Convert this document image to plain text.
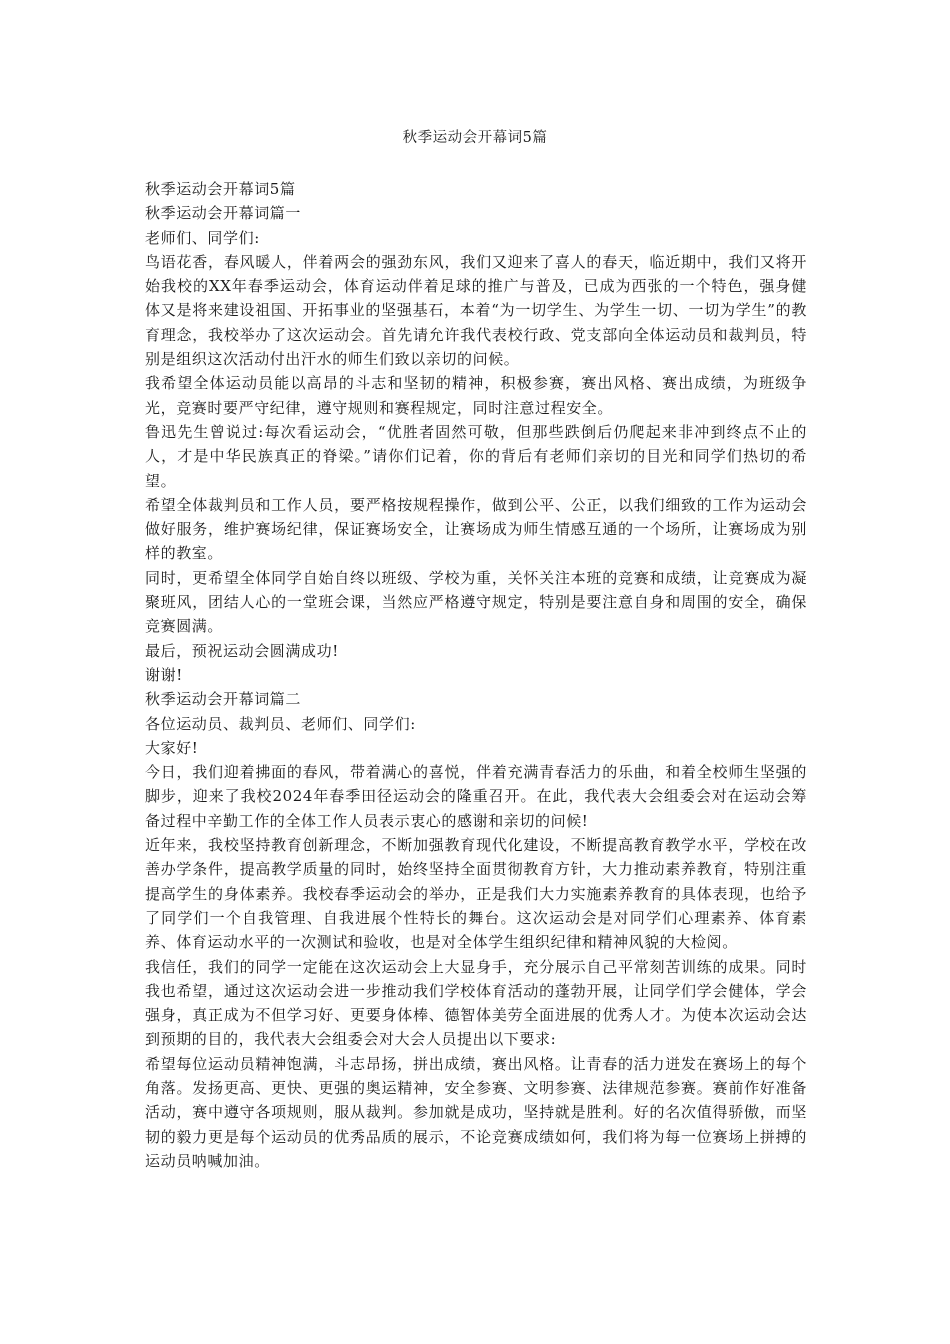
秋季运动会开幕词5篇

秋季运动会开幕词5篇

秋季运动会开幕词篇一

老师们、同学们:

鸟语花香，春风暖人，伴着两会的强劲东风，我们又迎来了喜人的春天，临近期中，我们又将开始我校的XX年春季运动会，体育运动伴着足球的推广与普及，已成为西张的一个特色，强身健体又是将来建设祖国、开拓事业的坚强基石，本着“为一切学生、为学生一切、一切为学生”的教育理念，我校举办了这次运动会。首先请允许我代表校行政、党支部向全体运动员和裁判员，特别是组织这次活动付出汗水的师生们致以亲切的问候。

我希望全体运动员能以高昂的斗志和坚韧的精神，积极参赛，赛出风格、赛出成绩，为班级争光，竞赛时要严守纪律，遵守规则和赛程规定，同时注意过程安全。

鲁迅先生曾说过:每次看运动会，“优胜者固然可敬，但那些跌倒后仍爬起来非冲到终点不止的人，才是中华民族真正的脊梁。”请你们记着，你的背后有老师们亲切的目光和同学们热切的希望。

希望全体裁判员和工作人员，要严格按规程操作，做到公平、公正，以我们细致的工作为运动会做好服务，维护赛场纪律，保证赛场安全，让赛场成为师生情感互通的一个场所，让赛场成为别样的教室。

同时，更希望全体同学自始自终以班级、学校为重，关怀关注本班的竞赛和成绩，让竞赛成为凝聚班风，团结人心的一堂班会课，当然应严格遵守规定，特别是要注意自身和周围的安全，确保竞赛圆满。

最后，预祝运动会圆满成功!

谢谢!

秋季运动会开幕词篇二

各位运动员、裁判员、老师们、同学们:

大家好!

今日，我们迎着拂面的春风，带着满心的喜悦，伴着充满青春活力的乐曲，和着全校师生坚强的脚步，迎来了我校2024年春季田径运动会的隆重召开。在此，我代表大会组委会对在运动会筹备过程中辛勤工作的全体工作人员表示衷心的感谢和亲切的问候!

近年来，我校坚持教育创新理念，不断加强教育现代化建设，不断提高教育教学水平，学校在改善办学条件，提高教学质量的同时，始终坚持全面贯彻教育方针，大力推动素养教育，特别注重提高学生的身体素养。我校春季运动会的举办，正是我们大力实施素养教育的具体表现，也给予了同学们一个自我管理、自我进展个性特长的舞台。这次运动会是对同学们心理素养、体育素养、体育运动水平的一次测试和验收，也是对全体学生组织纪律和精神风貌的大检阅。

我信任，我们的同学一定能在这次运动会上大显身手，充分展示自己平常刻苦训练的成果。同时我也希望，通过这次运动会进一步推动我们学校体育活动的蓬勃开展，让同学们学会健体，学会强身，真正成为不但学习好、更要身体棒、德智体美劳全面进展的优秀人才。为使本次运动会达到预期的目的，我代表大会组委会对大会人员提出以下要求:

希望每位运动员精神饱满，斗志昂扬，拼出成绩，赛出风格。让青春的活力迸发在赛场上的每个角落。发扬更高、更快、更强的奥运精神，安全参赛、文明参赛、法律规范参赛。赛前作好准备活动，赛中遵守各项规则，服从裁判。参加就是成功，坚持就是胜利。好的名次值得骄傲，而坚韧的毅力更是每个运动员的优秀品质的展示，不论竞赛成绩如何，我们将为每一位赛场上拼搏的运动员呐喊加油。
